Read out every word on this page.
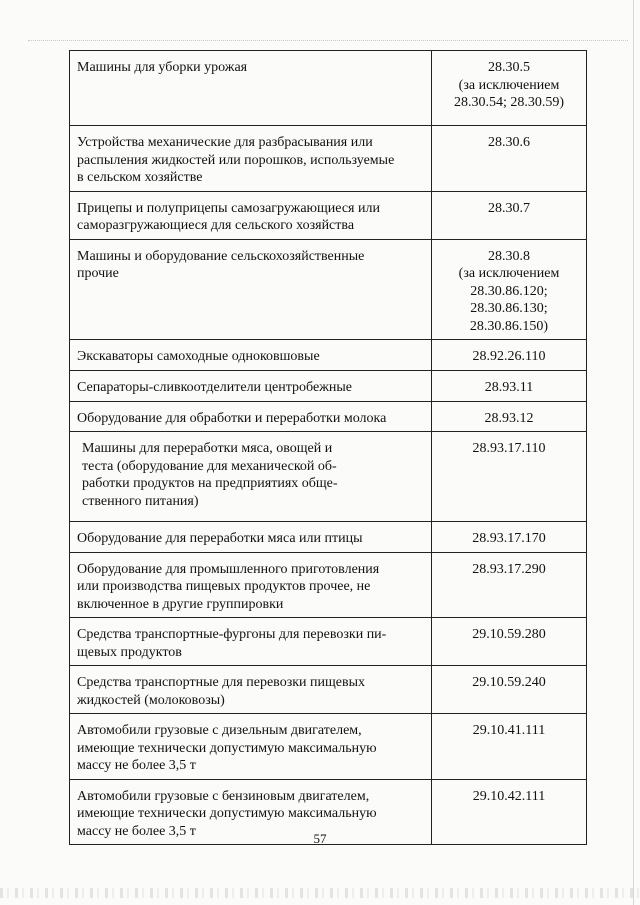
Машины для уборки урожая	28.30.5
(за исключением
28.30.54; 28.30.59)

Устройства механические для разбрасывания или
распыления жидкостей или порошков, используемые
в сельском хозяйстве	28.30.6

Прицепы и полуприцепы самозагружающиеся или
саморазгружающиеся для сельского хозяйства	28.30.7

Машины и оборудование сельскохозяйственные
прочие	28.30.8
(за исключением
28.30.86.120;
28.30.86.130;
28.30.86.150)

Экскаваторы самоходные одноковшовые	28.92.26.110

Сепараторы-сливкоотделители центробежные	28.93.11

Оборудование для обработки и переработки молока	28.93.12

Машины для переработки мяса, овощей и
теста (оборудование для механической об-
работки продуктов на предприятиях обще-
ственного питания)	28.93.17.110

Оборудование для переработки мяса или птицы	28.93.17.170

Оборудование для промышленного приготовления
или производства пищевых продуктов прочее, не
включенное в другие группировки	28.93.17.290

Средства транспортные-фургоны для перевозки пи-
щевых продуктов	29.10.59.280

Средства транспортные для перевозки пищевых
жидкостей (молоковозы)	29.10.59.240

Автомобили грузовые с дизельным двигателем,
имеющие технически допустимую максимальную
массу не более 3,5 т	29.10.41.111

Автомобили грузовые с бензиновым двигателем,
имеющие технически допустимую максимальную
массу не более 3,5 т	29.10.42.111
57
